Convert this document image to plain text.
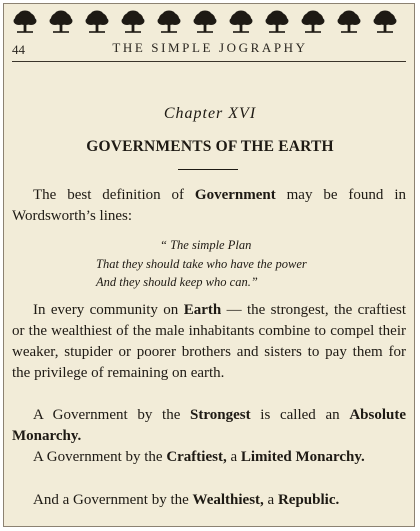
44	THE SIMPLE JOGRAPHY
Chapter XVI
GOVERNMENTS OF THE EARTH
The best definition of Government may be found in Wordsworth’s lines:
“ The simple Plan
That they should take who have the power
And they should keep who can.”
In every community on Earth — the strongest, the craftiest or the wealthiest of the male inhabitants combine to compel their weaker, stupider or poorer brothers and sisters to pay them for the privilege of remaining on earth.
A Government by the Strongest is called an Absolute Monarchy.
A Government by the Craftiest, a Limited Monarchy.
And a Government by the Wealthiest, a Republic.
